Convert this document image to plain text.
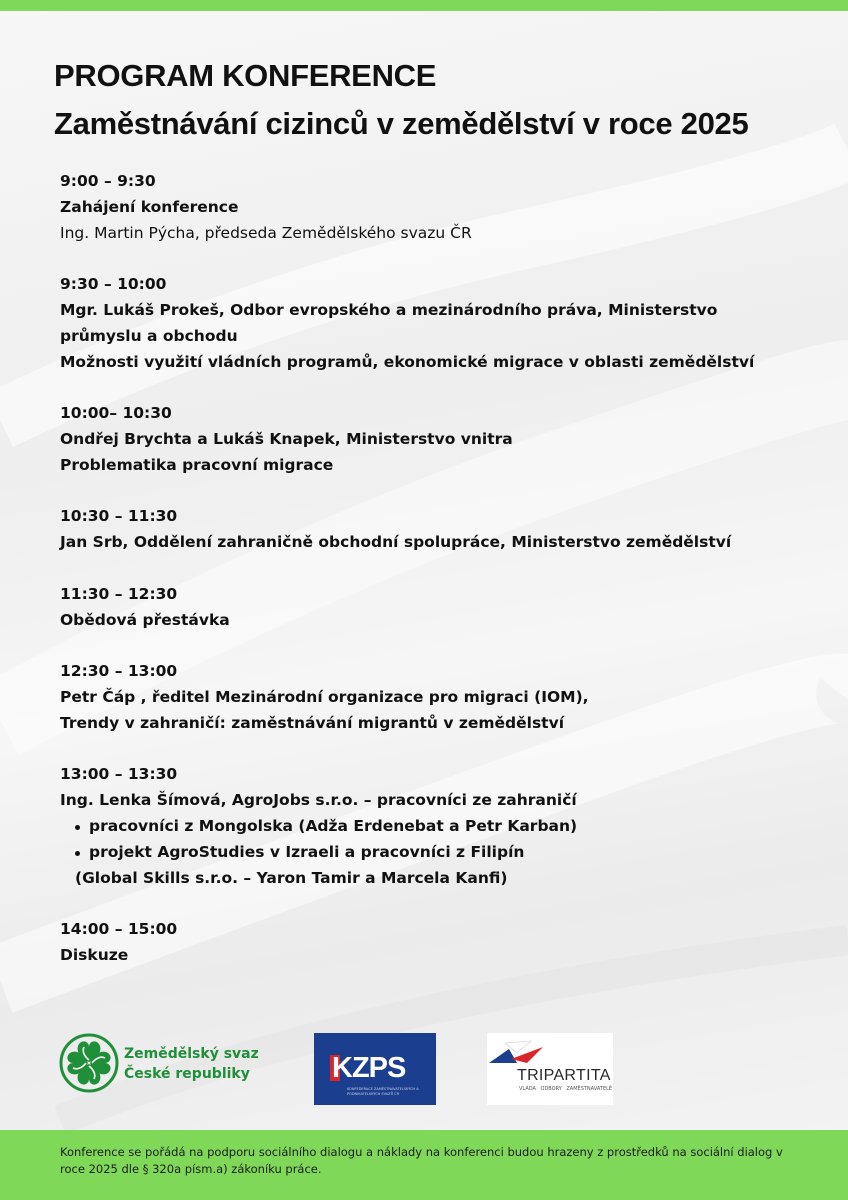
PROGRAM KONFERENCE
Zaměstnávání cizinců v zemědělství v roce 2025
9:00 – 9:30
Zahájení konference
Ing. Martin Pýcha, předseda Zemědělského svazu ČR
9:30 – 10:00
Mgr. Lukáš Prokeš, Odbor evropského a mezinárodního práva, Ministerstvo
průmyslu a obchodu
Možnosti využití vládních programů, ekonomické migrace v oblasti zemědělství
10:00– 10:30
Ondřej Brychta a Lukáš Knapek, Ministerstvo vnitra
Problematika pracovní migrace
10:30 – 11:30
Jan Srb, Oddělení zahraničně obchodní spolupráce, Ministerstvo zemědělství
11:30 – 12:30
Obědová přestávka
12:30 – 13:00
Petr Čáp , ředitel Mezinárodní organizace pro migraci (IOM),
Trendy v zahraničí: zaměstnávání migrantů v zemědělství
13:00 – 13:30
Ing. Lenka Šímová, AgroJobs s.r.o. – pracovníci ze zahraničí
pracovníci z Mongolska (Adža Erdenebat a Petr Karban)
projekt AgroStudies v Izraeli a pracovníci z Filipín
(Global Skills s.r.o. – Yaron Tamir a Marcela Kanfi)
14:00 – 15:00
Diskuze
Zemědělský svaz
České republiky	KZPS
KONFEDERACE ZAMĚSTNAVATELSKÝCH A PODNIKATELSKÝCH SVAZŮ ČR
TRIPARTITA
VLÁDA ODBORY ZAMĚSTNAVATELÉ
Konference se pořádá na podporu sociálního dialogu a náklady na konferenci budou hrazeny z prostředků na sociální dialog v roce 2025 dle § 320a písm.a) zákoníku práce.
